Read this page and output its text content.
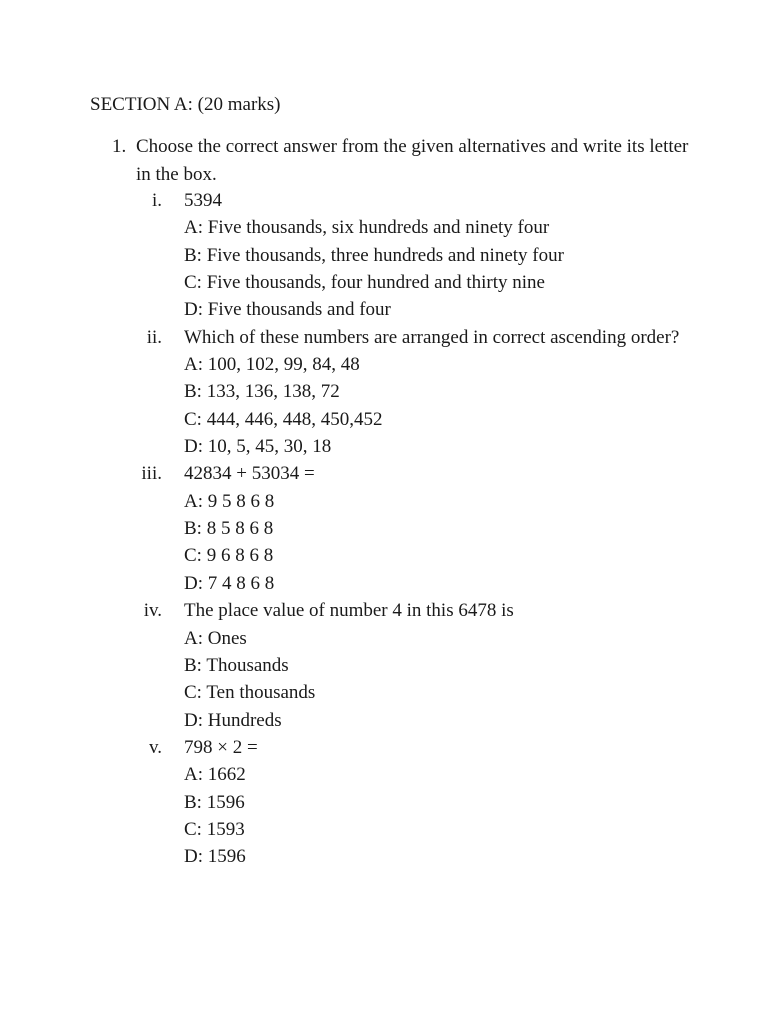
SECTION A: (20 marks)
1. Choose the correct answer from the given alternatives and write its letter in the box.
i. 5394
A: Five thousands, six hundreds and ninety four
B: Five thousands, three hundreds and ninety four
C: Five thousands, four hundred and thirty nine
D: Five thousands and four
ii. Which of these numbers are arranged in correct ascending order?
A: 100, 102, 99, 84, 48
B: 133, 136, 138, 72
C: 444, 446, 448, 450,452
D: 10, 5, 45, 30, 18
iii. 42834 + 53034 =
A: 9 5 8 6 8
B: 8 5 8 6 8
C: 9 6 8 6 8
D: 7 4 8 6 8
iv. The place value of number 4 in this 6478 is
A: Ones
B: Thousands
C: Ten thousands
D: Hundreds
v. 798 × 2 =
A: 1662
B: 1596
C: 1593
D: 1596
